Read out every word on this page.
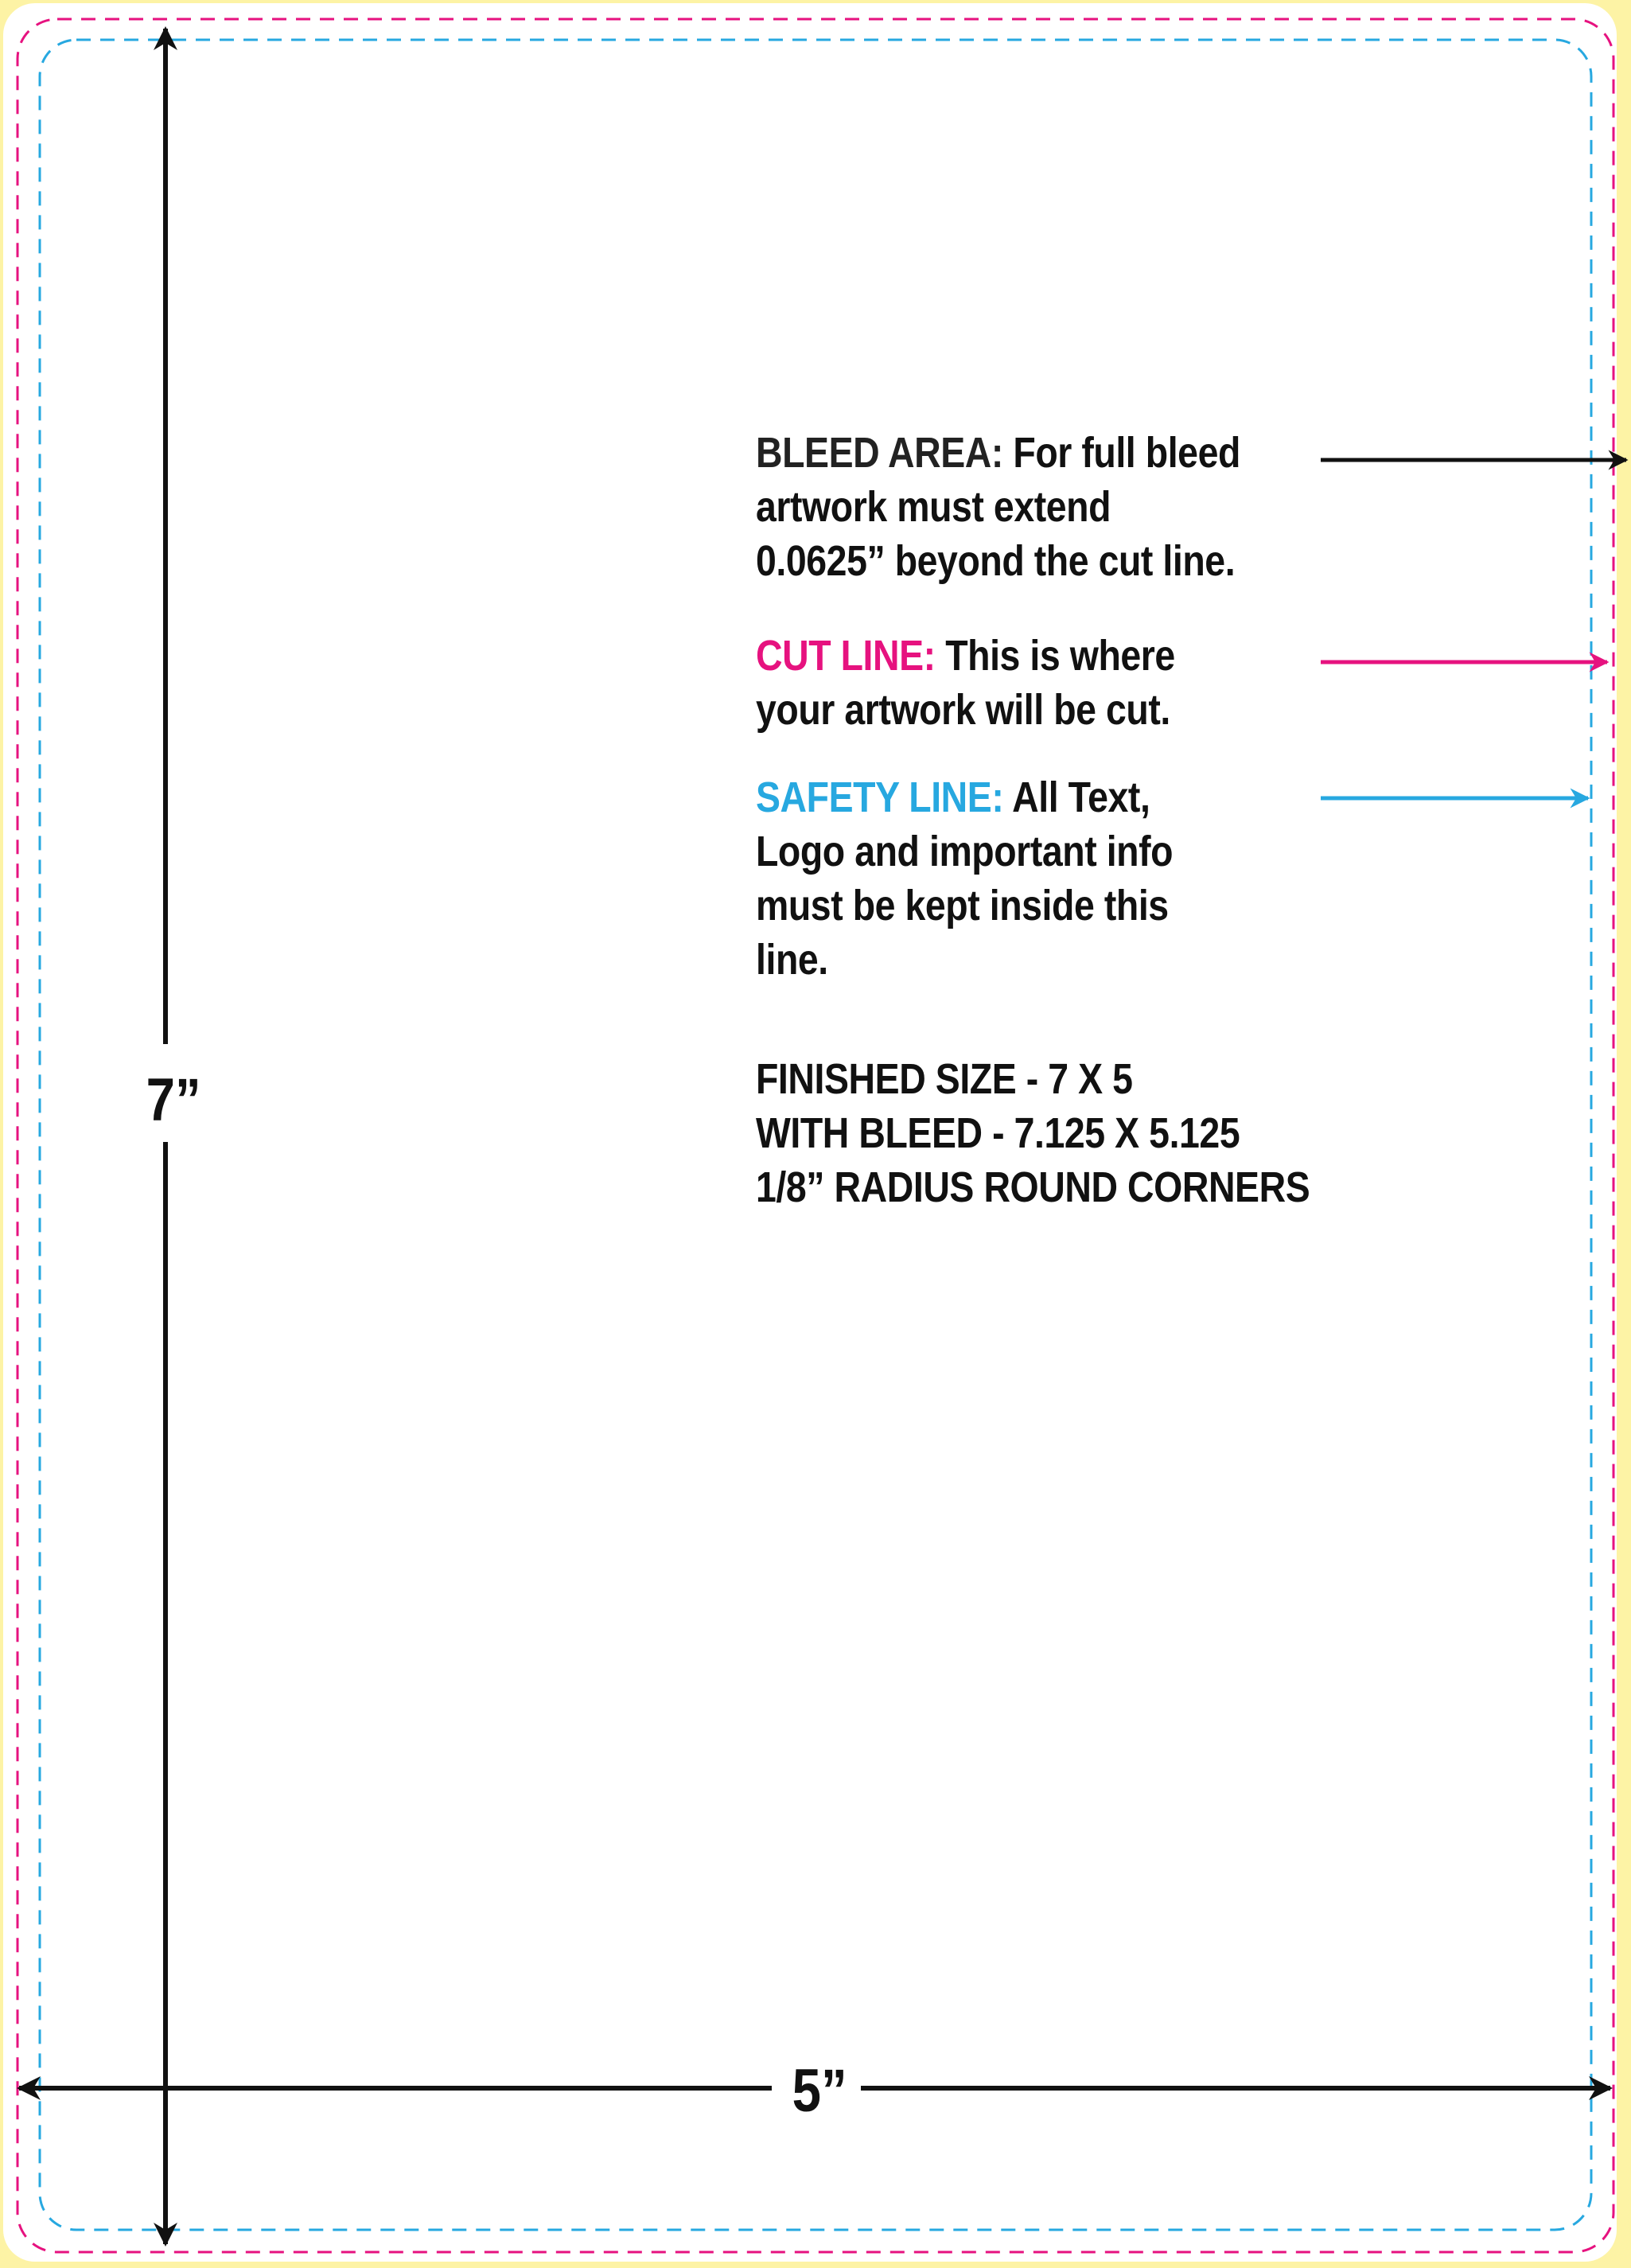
BLEED AREA: For full bleed artwork must extend 0.0625” beyond the cut line.
CUT LINE: This is where your artwork will be cut.
SAFETY LINE: All Text, Logo and important info must be kept inside this line.
FINISHED SIZE - 7 X 5
WITH BLEED - 7.125 X 5.125
1/8” RADIUS ROUND CORNERS
7”
5”
